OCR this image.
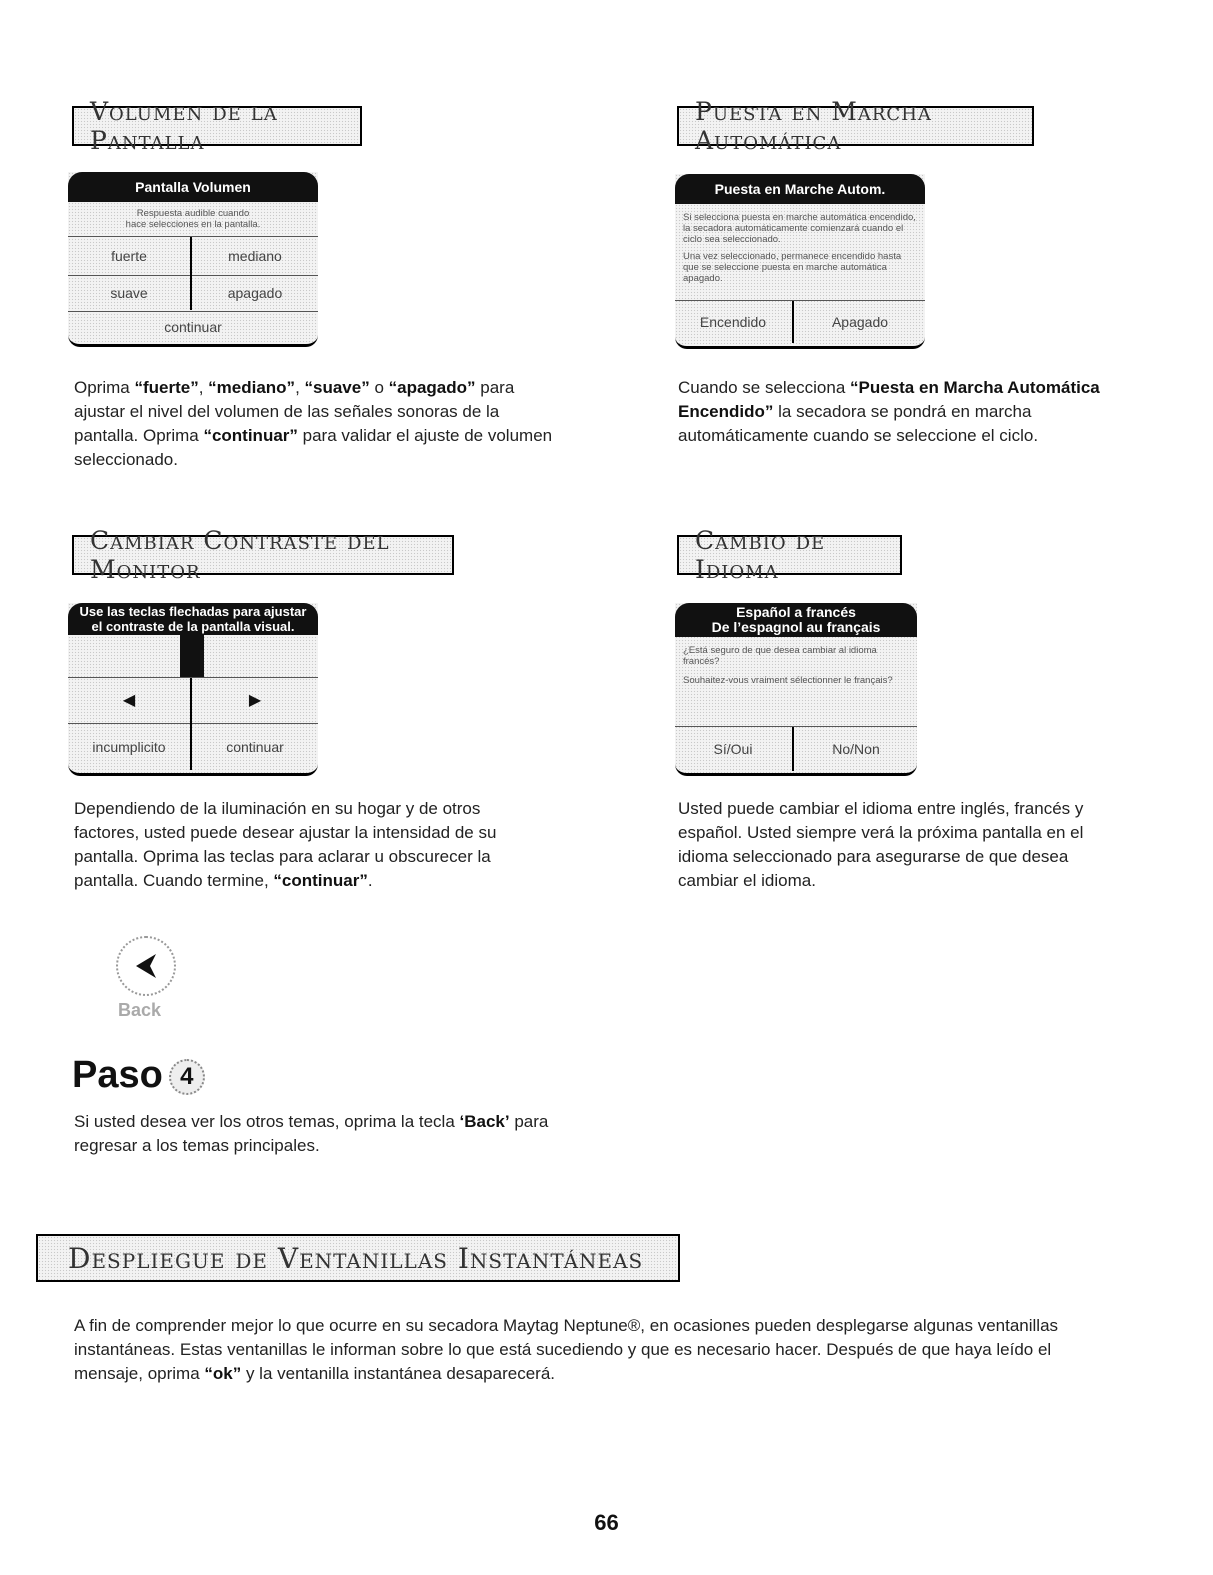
Volumen de la Pantalla
Pantalla Volumen
Respuesta audible cuando
hace selecciones en la pantalla.
fuerte	mediano
suave	apagado
continuar
Oprima “fuerte”, “mediano”, “suave” o “apagado” para ajustar el nivel del volumen de las señales sonoras de la pantalla. Oprima “continuar” para validar el ajuste de volumen seleccionado.
Puesta en Marcha Automática
Puesta en Marche Autom.
Si selecciona puesta en marche automática encendido, la secadora automáticamente comienzará cuando el ciclo sea seleccionado.
Una vez seleccionado, permanece encendido hasta que se seleccione puesta en marche automática apagado.
Encendido	Apagado
Cuando se selecciona “Puesta en Marcha Automática Encendido” la secadora se pondrá en marcha automáticamente cuando se seleccione el ciclo.
Cambiar Contraste del Monitor
Use las teclas flechadas para ajustar
el contraste de la pantalla visual.
◀	▶
incumplicito	continuar
Dependiendo de la iluminación en su hogar y de otros factores, usted puede desear ajustar la intensidad de su pantalla. Oprima las teclas para aclarar u obscurecer la pantalla. Cuando termine, “continuar”.
Cambio de Idioma
Español a francés
De l’espagnol au français
¿Está seguro de que desea cambiar al idioma francés?
Souhaitez-vous vraiment sélectionner le français?
Sí/Oui	No/Non
Usted puede cambiar el idioma entre inglés, francés y español. Usted siempre verá la próxima pantalla en el idioma seleccionado para asegurarse de que desea cambiar el idioma.
Back
Paso 4
Si usted desea ver los otros temas, oprima la tecla ‘Back’ para regresar a los temas principales.
Despliegue de Ventanillas Instantáneas
A fin de comprender mejor lo que ocurre en su secadora Maytag Neptune®, en ocasiones pueden desplegarse algunas ventanillas instantáneas. Estas ventanillas le informan sobre lo que está sucediendo y que es necesario hacer. Después de que haya leído el mensaje, oprima “ok” y la ventanilla instantánea desaparecerá.
66
